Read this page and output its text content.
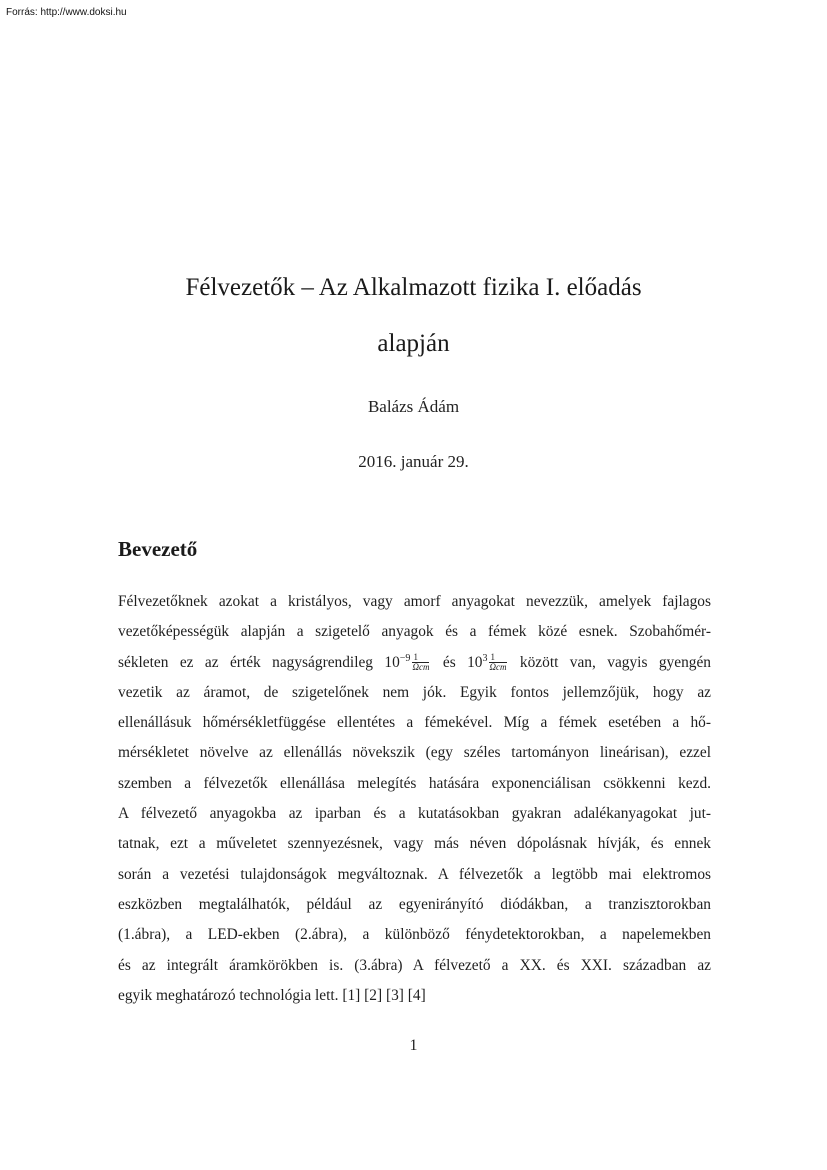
Forrás: http://www.doksi.hu
Félvezetők – Az Alkalmazott fizika I. előadás
alapján
Balázs Ádám
2016. január 29.
Bevezető
Félvezetőknek azokat a kristályos, vagy amorf anyagokat nevezzük, amelyek fajlagos
vezetőképességük alapján a szigetelő anyagok és a fémek közé esnek. Szobahőmér-
sékleten ez az érték nagyságrendileg $10^{-9} \frac{1}{\text{Ωcm}}$ és $10^3 \frac{1}{\text{Ωcm}}$ között van, vagyis gyengén
vezetik az áramot, de szigetelőnek nem jók. Egyik fontos jellemzőjük, hogy az
ellenállásuk hőmérsékletfüggése ellentétes a fémekével. Míg a fémek esetében a hő-
mérsékletet növelve az ellenállás növekszik (egy széles tartományon lineárisan), ezzel
szemben a félvezetők ellenállása melegítés hatására exponenciálisan csökkenni kezd.
A félvezető anyagokba az iparban és a kutatásokban gyakran adalékanyagokat jut-
tatnak, ezt a műveletet szennyezésnek, vagy más néven dópolásnak hívják, és ennek
során a vezetési tulajdonságok megváltoznak. A félvezetők a legtöbb mai elektromos
eszközben megtalálhatók, például az egyenirányító diódákban, a tranzisztorokban
(1.ábra), a LED-ekben (2.ábra), a különböző fénydetektorokban, a napelemekben
és az integrált áramkörökben is. (3.ábra) A félvezető a XX. és XXI. században az
egyik meghatározó technológia lett. [1] [2] [3] [4]
1
